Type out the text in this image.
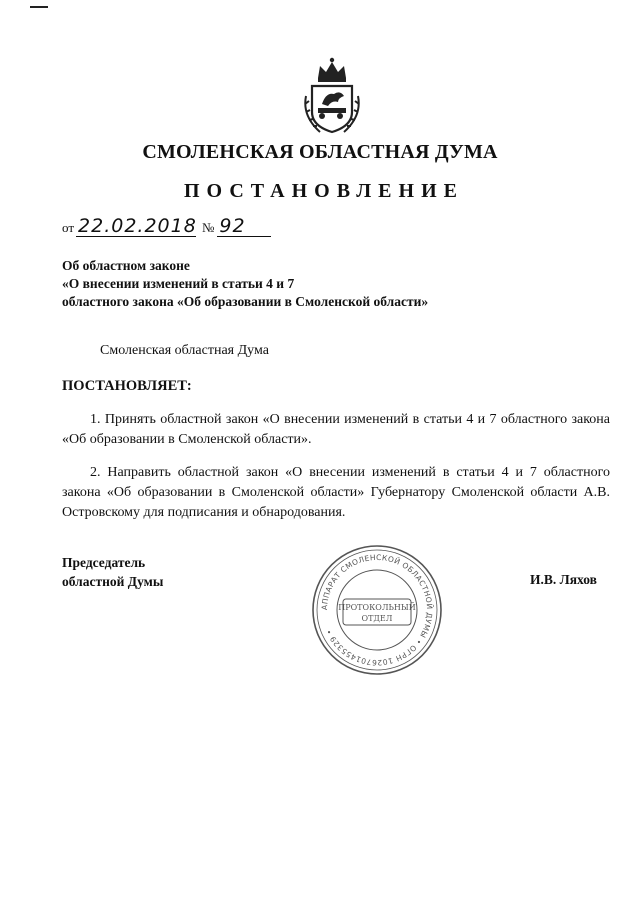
СМОЛЕНСКАЯ ОБЛАСТНАЯ ДУМА
ПОСТАНОВЛЕНИЕ
от 22.02.2018 № 92
Об областном законе
«О внесении изменений в статьи 4 и 7
областного закона «Об образовании в Смоленской области»
Смоленская областная Дума
ПОСТАНОВЛЯЕТ:
1. Принять областной закон «О внесении изменений в статьи 4 и 7 областного закона «Об образовании в Смоленской области».
2. Направить областной закон «О внесении изменений в статьи 4 и 7 областного закона «Об образовании в Смоленской области» Губернатору Смоленской области А.В. Островскому для подписания и обнародования.
Председатель
областной Думы	И.В. Ляхов
АППАРАТ СМОЛЕНСКОЙ ОБЛАСТНОЙ ДУМЫ • ОГРН 1026701455329 •
ПРОТОКОЛЬНЫЙ
ОТДЕЛ
